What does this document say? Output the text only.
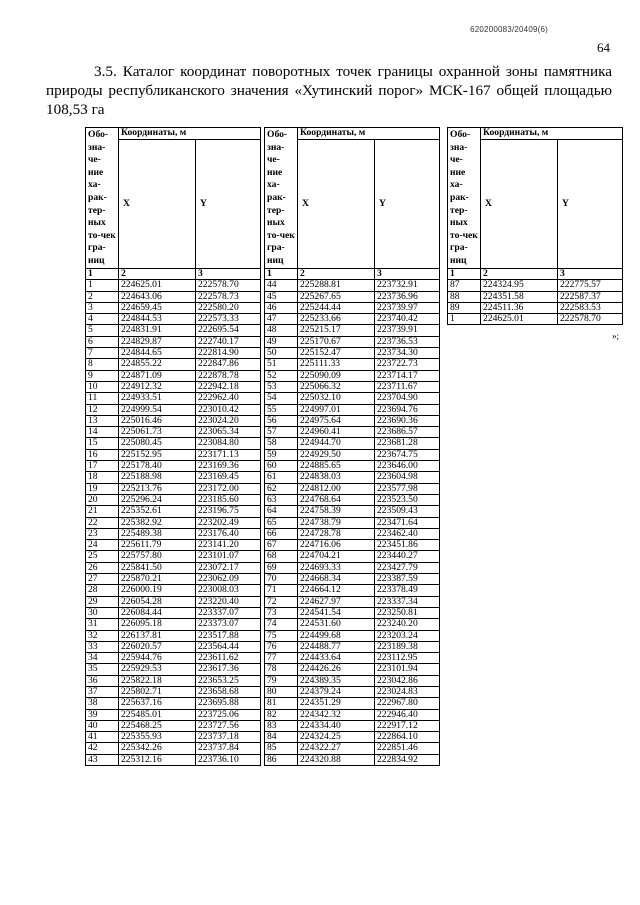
620200083/20409(6)
64
3.5. Каталог координат поворотных точек границы охранной зоны памятника природы республиканского значения «Хутинский порог» МСК-167 общей площадью 108,53 га
Обо-зна-че-ние ха-рак-тер-ных то-чек гра-ниц	Координаты, м	
	X	Y
1	2	3
1	224625.01	222578.70
2	224643.06	222578.73
3	224659.45	222580.20
4	224844.53	222573.33
5	224831.91	222695.54
6	224829.87	222740.17
7	224844.65	222814.90
8	224855.22	222847.86
9	224871.09	222878.78
10	224912.32	222942.18
11	224933.51	222962.40
12	224999.54	223010.42
13	225016.46	223024.20
14	225061.73	223065.34
15	225080.45	223084.80
16	225152.95	223171.13
17	225178.40	223169.36
18	225188.98	223169.45
19	225213.76	223172.00
20	225296.24	223185.60
21	225352.61	223196.75
22	225382.92	223202.49
23	225489.38	223176.40
24	225611.79	223141.20
25	225757.80	223101.07
26	225841.50	223072.17
27	225870.21	223062.09
28	226000.19	223008.03
29	226054.28	223220.40
30	226084.44	223337.07
31	226095.18	223373.07
32	226137.81	223517.88
33	226020.57	223564.44
34	225944.76	223611.62
35	225929.53	223617.36
36	225822.18	223653.25
37	225802.71	223658.68
38	225637.16	223695.88
39	225485.01	223725.06
40	225468.25	223727.56
41	225355.93	223737.18
42	225342.26	223737.84
43	225312.16	223736.10
Обо-зна-че-ние ха-рак-тер-ных то-чек гра-ниц	Координаты, м	
	X	Y
1	2	3
44	225288.81	223732.91
45	225267.65	223736.96
46	225244.44	223739.97
47	225233.66	223740.42
48	225215.17	223739.91
49	225170.67	223736.53
50	225152.47	223734.30
51	225111.33	223722.73
52	225090.09	223714.17
53	225066.32	223711.67
54	225032.10	223704.90
55	224997.01	223694.76
56	224975.64	223690.36
57	224960.41	223686.57
58	224944.70	223681.28
59	224929.50	223674.75
60	224885.65	223646.00
61	224838.03	223604.98
62	224812.00	223577.98
63	224768.64	223523.50
64	224758.39	223509.43
65	224738.79	223471.64
66	224728.78	223462.40
67	224716.06	223451.86
68	224704.21	223440.27
69	224693.33	223427.79
70	224668.34	223387.59
71	224664.12	223378.49
72	224627.97	223337.34
73	224541.54	223250.81
74	224531.60	223240.20
75	224499.68	223203.24
76	224488.77	223189.38
77	224433.64	223112.95
78	224426.26	223101.94
79	224389.35	223042.86
80	224379.24	223024.83
81	224351.29	222967.80
82	224342.32	222946.40
83	224334.40	222917.12
84	224324.25	222864.10
85	224322.27	222851.46
86	224320.88	222834.92
Обо-зна-че-ние ха-рак-тер-ных то-чек гра-ниц	Координаты, м	
	X	Y
1	2	3
87	224324.95	222775.57
88	224351.58	222587.37
89	224511.36	222583.53
1	224625.01	222578.70
»;
